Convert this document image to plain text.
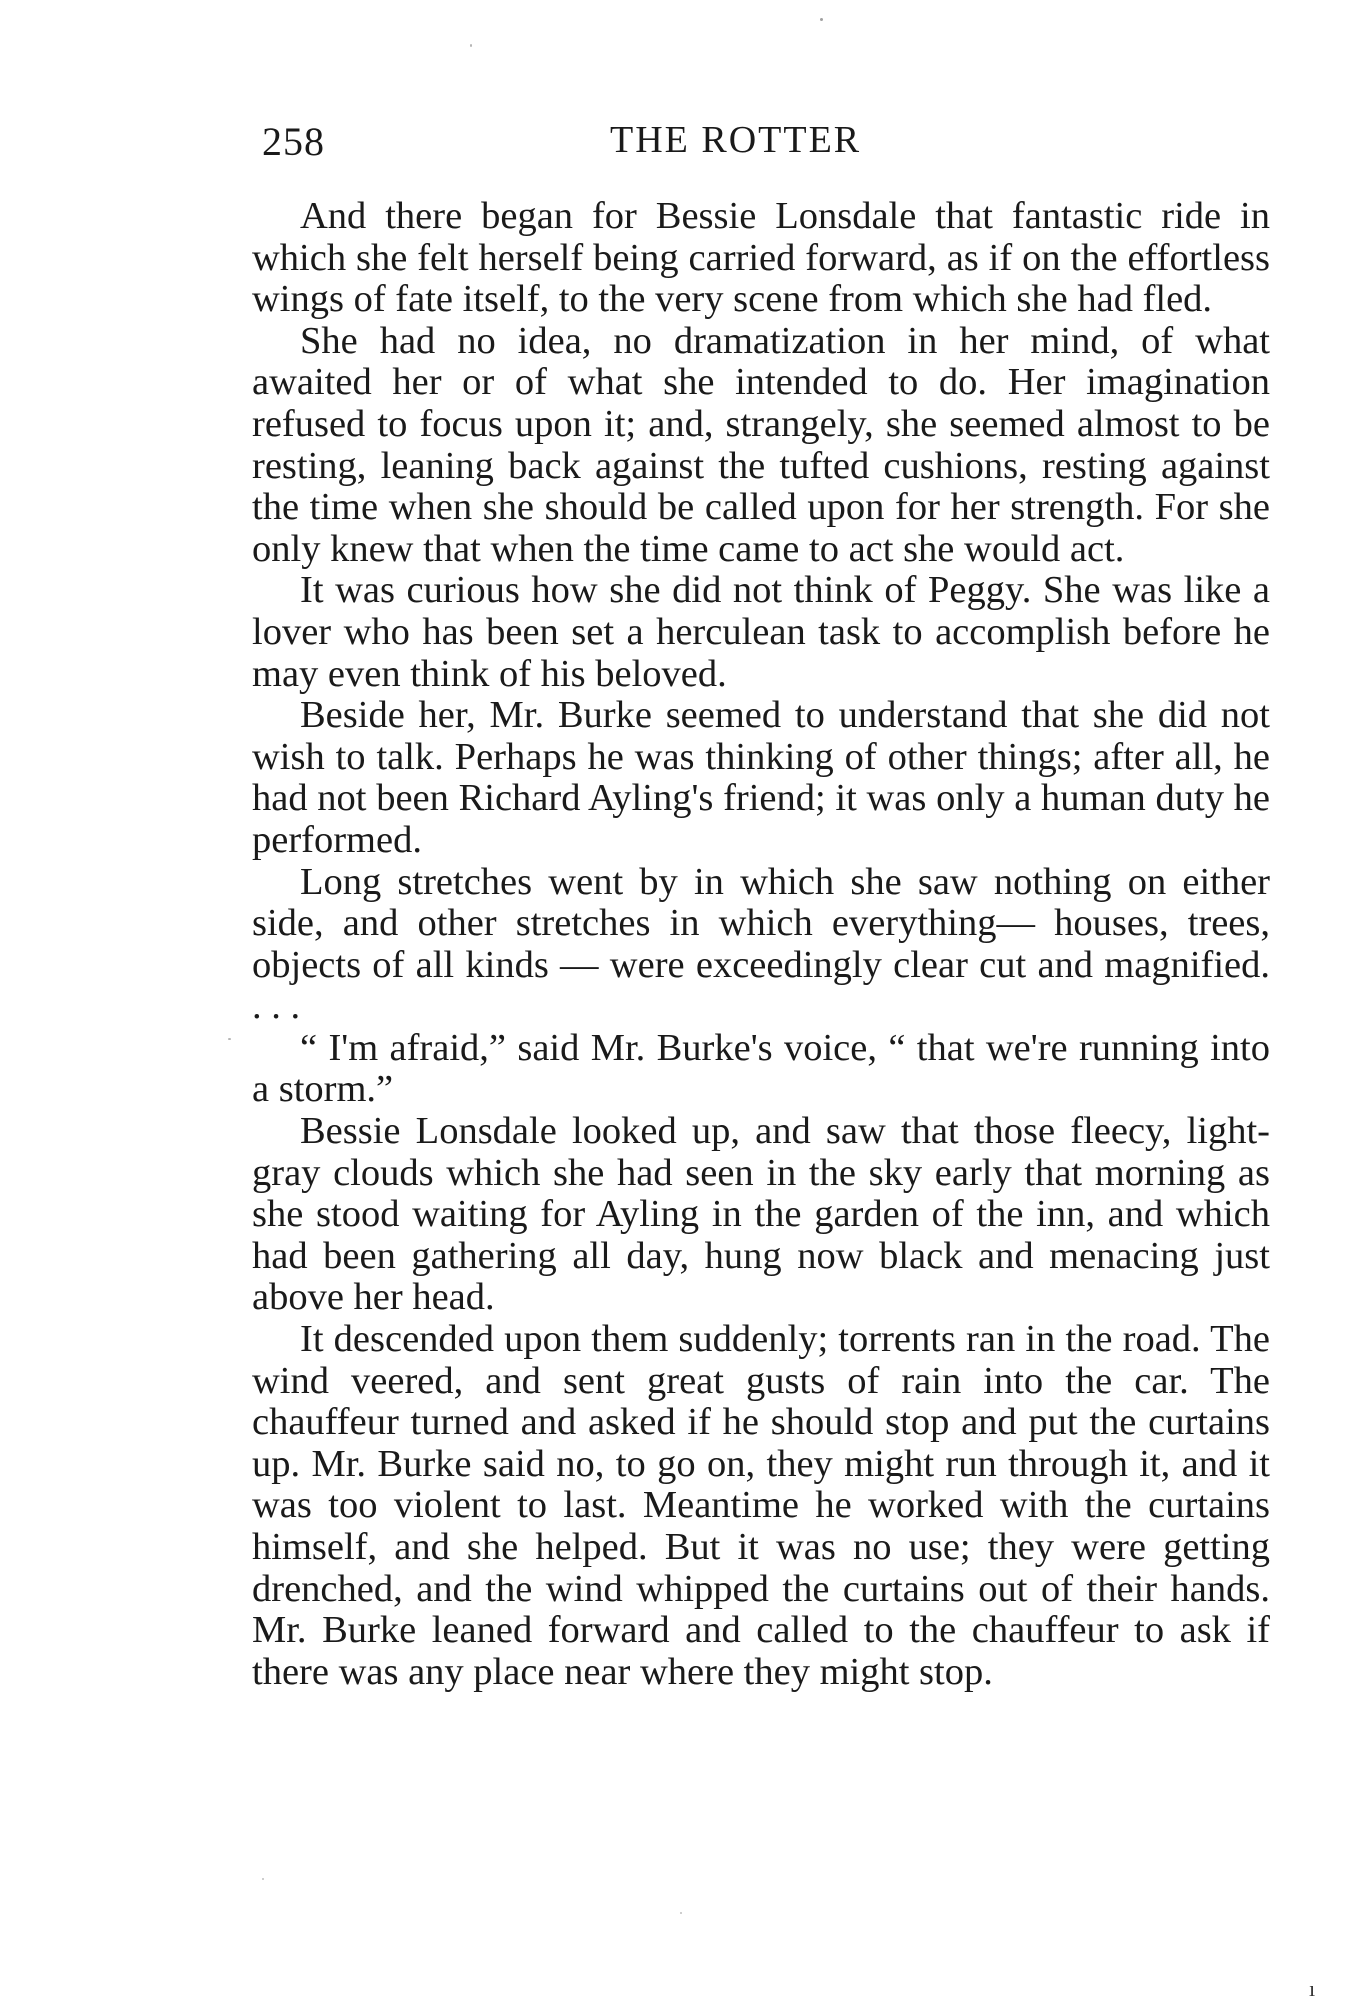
258	THE ROTTER

And there began for Bessie Lonsdale that fantastic ride in which she felt herself being carried forward, as if on the effortless wings of fate itself, to the very scene from which she had fled.

She had no idea, no dramatization in her mind, of what awaited her or of what she intended to do. Her imagination refused to focus upon it; and, strangely, she seemed almost to be resting, leaning back against the tufted cushions, resting against the time when she should be called upon for her strength. For she only knew that when the time came to act she would act.

It was curious how she did not think of Peggy. She was like a lover who has been set a herculean task to accomplish before he may even think of his beloved.

Beside her, Mr. Burke seemed to understand that she did not wish to talk. Perhaps he was thinking of other things; after all, he had not been Richard Ayling's friend; it was only a human duty he performed.

Long stretches went by in which she saw nothing on either side, and other stretches in which everything— houses, trees, objects of all kinds — were exceedingly clear cut and magnified. . . .

“ I'm afraid,” said Mr. Burke's voice, “ that we're running into a storm.”

Bessie Lonsdale looked up, and saw that those fleecy, light-gray clouds which she had seen in the sky early that morning as she stood waiting for Ayling in the garden of the inn, and which had been gathering all day, hung now black and menacing just above her head.

It descended upon them suddenly; torrents ran in the road. The wind veered, and sent great gusts of rain into the car. The chauffeur turned and asked if he should stop and put the curtains up. Mr. Burke said no, to go on, they might run through it, and it was too violent to last. Meantime he worked with the curtains himself, and she helped. But it was no use; they were getting drenched, and the wind whipped the curtains out of their hands. Mr. Burke leaned forward and called to the chauffeur to ask if there was any place near where they might stop.

ı
